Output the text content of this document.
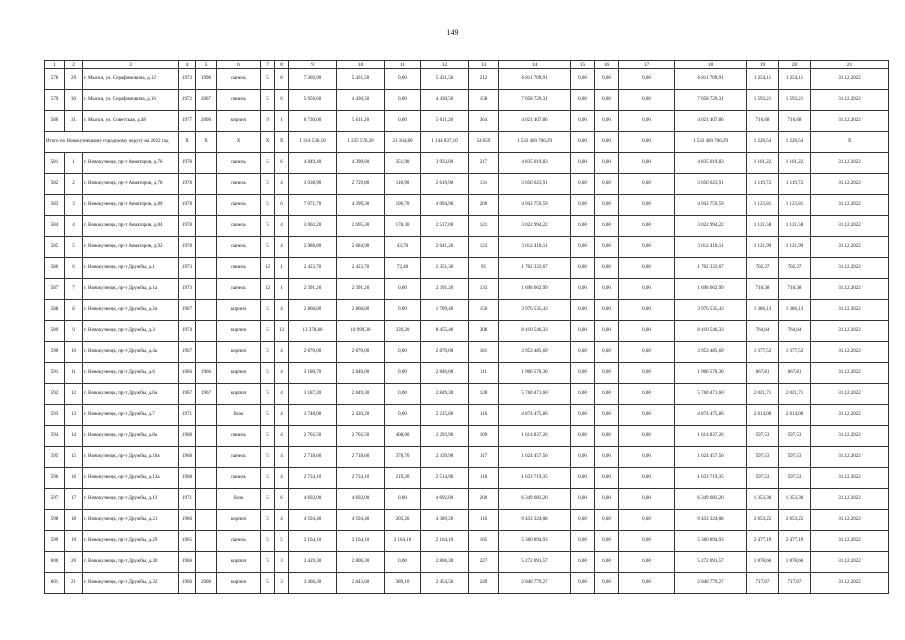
149
1	2	3	4	5	6	7	8	9	10	11	12	13	14	15	16	17	18	19	20	21
578	29	г. Мыски, ул. Серафимовича, д.12	1973	1998	панель	5	8	7 369,90	5 431,50	0,00	5 431,50	212	6 811 709,91	0,00	0,00	0,00	6 811 709,91	1 254,11	1 254,11	31.12.2022
579	30	г. Мыски, ул. Серафимовича, д.16	1972	2007	панель	5	6	5 956,60	4 430,50	0,00	4 430,50	158	7 058 729,31	0,00	0,00	0,00	7 058 729,31	1 593,21	1 593,21	31.12.2022
580	31	г. Мыски, ул. Советская, д.48	1977	2006	кирпич	9	1	6 730,00	5 611,20	0,00	5 611,20	364	4 021 407,86	0,00	0,00	0,00	4 021 407,86	716,68	716,68	31.12.2022
Итого по Новокузнецкому городскому округу на 2022 год			X	X	X	X	X	1 314 536,10	1 235 576,20	21 164,80	1 144 837,10	54 659	1 532 469 766,29	0,00	0,00	0,00	1 532 469 766,29	1 220,54	1 220,54	X
581	1	г. Новокузнецк, пр-т Авиаторов, д.76	1978		панель	5	6	4 849,40	4 390,60	351,90	3 933,00	217	4 835 019,83	0,00	0,00	0,00	4 835 019,83	1 101,22	1 101,22	31.12.2022
582	2	г. Новокузнецк, пр-т Авиаторов, д.78	1978		панель	5	4	3 038,90	2 729,80	118,90	2 610,90	131	3 056 623,91	0,00	0,00	0,00	3 056 623,91	1 119,72	1 119,72	31.12.2022
583	3	г. Новокузнецк, пр-т Авиаторов, д.80	1978		панель	5	6	7 071,70	4 399,30	196,70	4 094,90	209	4 943 759,59	0,00	0,00	0,00	4 943 759,59	1 123,81	1 123,81	31.12.2022
584	4	г. Новокузнецк, пр-т Авиаторов, д.84	1978		панель	5	4	3 002,20	2 695,30	178,30	2 517,00	121	3 022 994,22	0,00	0,00	0,00	3 022 994,22	1 121,58	1 121,58	31.12.2022
585	5	г. Новокузнецк, пр-т Авиаторов, д.92	1978		панель	5	4	2 988,80	2 684,90	43,70	2 641,20	123	3 012 418,11	0,00	0,00	0,00	3 012 418,11	1 121,99	1 121,99	31.12.2022
586	6	г. Новокузнецк, пр-т Дружбы, д.1	1973		панель	12	1	2 423,70	2 423,70	72,40	2 351,30	95	1 702 333,67	0,00	0,00	0,00	1 702 333,67	702,37	702,37	31.12.2022
587	7	г. Новокузнецк, пр-т Дружбы, д.1а	1973		панель	12	1	2 391,20	2 391,20	0,00	2 391,20	133	1 698 662,99	0,00	0,00	0,00	1 698 662,99	710,38	710,38	31.12.2022
588	8	г. Новокузнецк, пр-т Дружбы, д.2а	1967		кирпич	5	4	2 868,80	2 868,80	0,00	1 709,40	150	3 976 535,43	0,00	0,00	0,00	3 976 535,43	1 386,13	1 386,13	31.12.2022
589	9	г. Новокузнецк, пр-т Дружбы, д.3	1974		кирпич	5	13	13 378,80	10 999,30	339,20	8 455,40	308	8 410 546,33	0,00	0,00	0,00	8 410 546,33	764,64	764,64	31.12.2022
590	10	г. Новокузнецк, пр-т Дружбы, д.4а	1967		кирпич	5	4	2 870,00	2 870,00	0,00	2 870,00	181	3 953 485,69	0,00	0,00	0,00	3 953 485,69	1 377,52	1 377,52	31.12.2022
591	11	г. Новокузнецк, пр-т Дружбы, д.6	1966	1966	кирпич	5	4	3 180,70	2 846,00	0,00	2 846,00	111	1 900 578,30	0,00	0,00	0,00	1 900 578,30	667,81	667,81	31.12.2022
592	12	г. Новокузнецк, пр-т Дружбы, д.6а	1967	1967	кирпич	5	4	3 187,20	2 849,30	0,00	2 849,30	128	5 760 471,60	0,00	0,00	0,00	5 760 471,60	2 021,71	2 021,71	31.12.2022
593	13	г. Новокузнецк, пр-т Дружбы, д.7	1971		блок	5	4	3 748,00	2 420,20	0,00	2 215,80	116	4 874 475,80	0,00	0,00	0,00	4 874 475,80	2 014,08	2 014,08	31.12.2022
594	14	г. Новокузнецк, пр-т Дружбы, д.8а	1968		панель	5	4	2 702,50	2 702,50	408,60	2 293,90	109	1 614 837,26	0,00	0,00	0,00	1 614 837,26	597,53	597,53	31.12.2022
595	15	г. Новокузнецк, пр-т Дружбы, д.10а	1968		панель	5	4	2 718,60	2 718,60	378,70	2 339,90	117	1 624 457,56	0,00	0,00	0,00	1 624 457,56	597,53	597,53	31.12.2022
596	16	г. Новокузнецк, пр-т Дружбы, д.12а	1968		панель	5	4	2 734,10	2 734,10	219,20	2 514,90	118	1 633 719,35	0,00	0,00	0,00	1 633 719,35	597,53	597,53	31.12.2022
597	17	г. Новокузнецк, пр-т Дружбы, д.13	1971		блок	5	6	4 692,00	4 692,00	0,00	4 692,00	200	6 349 683,20	0,00	0,00	0,00	6 349 683,20	1 353,30	1 353,30	31.12.2022
598	18	г. Новокузнецк, пр-т Дружбы, д.21	1966		кирпич	5	4	4 594,40	4 594,40	205,20	4 389,20	116	9 433 324,08	0,00	0,00	0,00	9 433 324,08	2 053,22	2 053,22	31.12.2022
599	19	г. Новокузнецк, пр-т Дружбы, д.29	1965		панель	5	5	2 164,10	2 164,10	2 164,10	2 164,10	105	5 360 894,93	0,00	0,00	0,00	5 360 894,93	2 477,19	2 477,19	31.12.2022
600	20	г. Новокузнецк, пр-т Дружбы, д.30	1966		кирпич	5	3	3 429,30	2 806,30	0,00	2 806,30	227	5 272 091,57	0,00	0,00	0,00	5 272 091,57	1 878,66	1 878,66	31.12.2022
601	21	г. Новокузнецк, пр-т Дружбы, д.32	1966	2008	кирпич	5	3	3 466,30	2 843,60	389,10	2 454,50	249	2 040 779,27	0,00	0,00	0,00	2 040 779,27	717,67	717,67	31.12.2022
